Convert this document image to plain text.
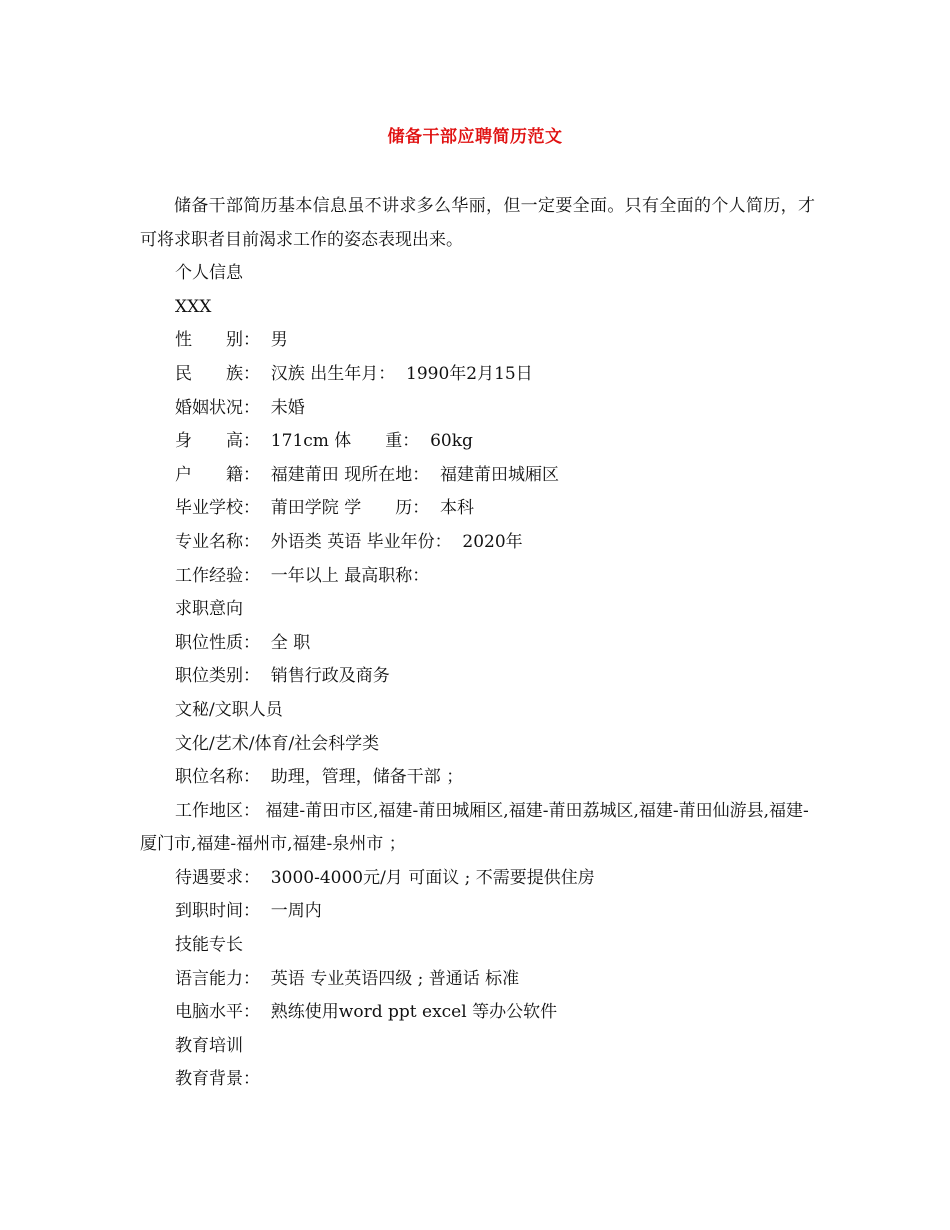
储备干部应聘简历范文

储备干部简历基本信息虽不讲求多么华丽，但一定要全面。只有全面的个人简历，才可将求职者目前渴求工作的姿态表现出来。

个人信息

XXX

性　　别：  男

民　　族：  汉族 出生年月：  1990年2月15日

婚姻状况：  未婚

身　　高：  171cm 体　　重：  60kg

户　　籍：  福建莆田 现所在地：  福建莆田城厢区

毕业学校：  莆田学院 学　　历：  本科

专业名称：  外语类 英语 毕业年份：  2020年

工作经验：  一年以上 最高职称：

求职意向

职位性质：  全 职

职位类别：  销售行政及商务

文秘/文职人员

文化/艺术/体育/社会科学类

职位名称：  助理，管理，储备干部 ；

工作地区： 福建-莆田市区,福建-莆田城厢区,福建-莆田荔城区,福建-莆田仙游县,福建-厦门市,福建-福州市,福建-泉州市 ；

待遇要求：  3000-4000元/月 可面议 ; 不需要提供住房

到职时间：  一周内

技能专长

语言能力：  英语 专业英语四级 ; 普通话 标准

电脑水平：  熟练使用word ppt excel 等办公软件

教育培训

教育背景：
